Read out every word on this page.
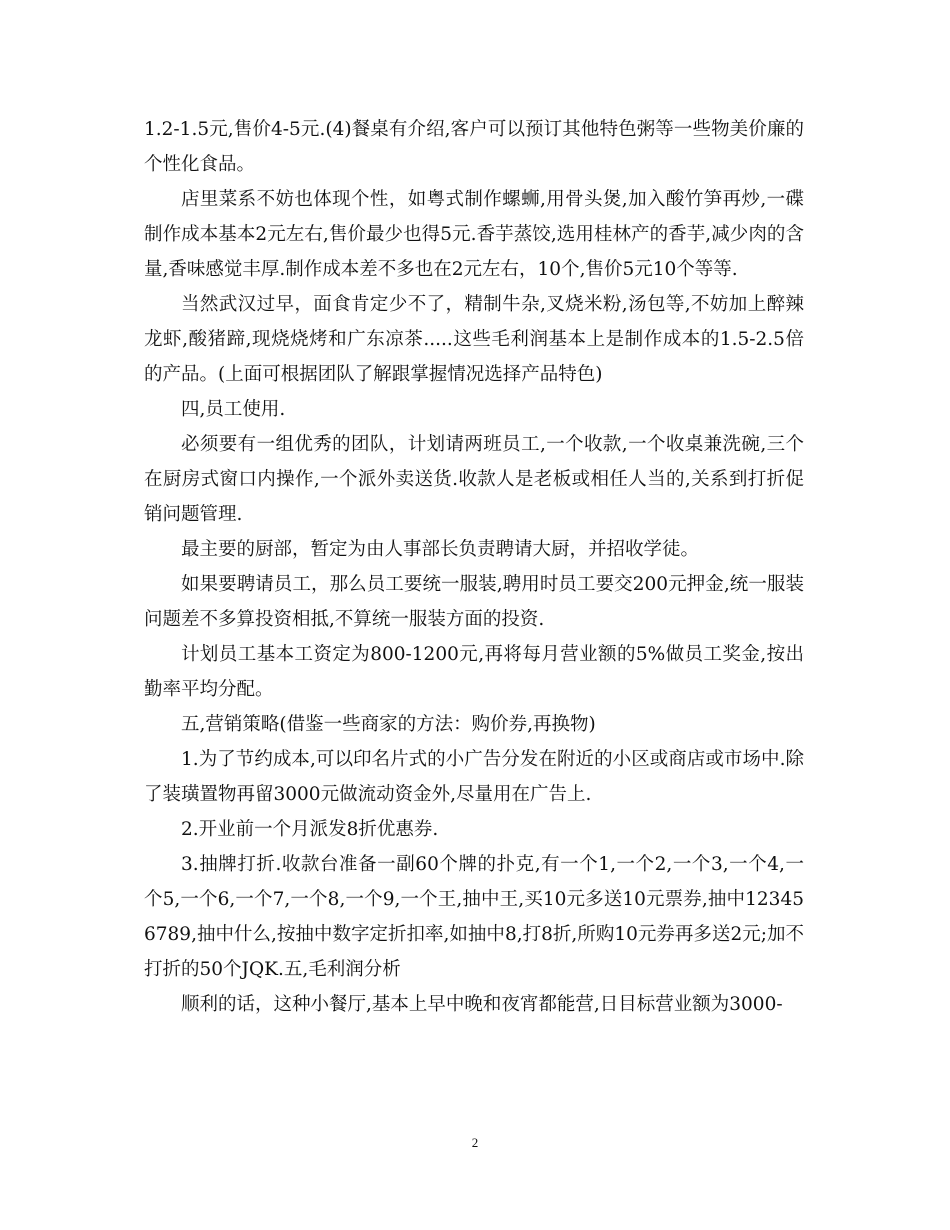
1.2-1.5元,售价4-5元.(4)餐桌有介绍,客户可以预订其他特色粥等一些物美价廉的个性化食品。

店里菜系不妨也体现个性，如粤式制作螺蛳,用骨头煲,加入酸竹笋再炒,一碟制作成本基本2元左右,售价最少也得5元.香芋蒸饺,选用桂林产的香芋,减少肉的含量,香味感觉丰厚.制作成本差不多也在2元左右，10个,售价5元10个等等.

当然武汉过早，面食肯定少不了，精制牛杂,叉烧米粉,汤包等,不妨加上醉辣龙虾,酸猪蹄,现烧烧烤和广东凉茶.....这些毛利润基本上是制作成本的1.5-2.5倍的产品。(上面可根据团队了解跟掌握情况选择产品特色)

四,员工使用.

必须要有一组优秀的团队，计划请两班员工,一个收款,一个收桌兼洗碗,三个在厨房式窗口内操作,一个派外卖送货.收款人是老板或相任人当的,关系到打折促销问题管理.

最主要的厨部，暂定为由人事部长负责聘请大厨，并招收学徒。

如果要聘请员工，那么员工要统一服装,聘用时员工要交200元押金,统一服装问题差不多算投资相抵,不算统一服装方面的投资.

计划员工基本工资定为800-1200元,再将每月营业额的5%做员工奖金,按出勤率平均分配。

五,营销策略(借鉴一些商家的方法：购价券,再换物)

1.为了节约成本,可以印名片式的小广告分发在附近的小区或商店或市场中.除了装璜置物再留3000元做流动资金外,尽量用在广告上.

2.开业前一个月派发8折优惠券.

3.抽牌打折.收款台准备一副60个牌的扑克,有一个1,一个2,一个3,一个4,一个5,一个6,一个7,一个8,一个9,一个王,抽中王,买10元多送10元票券,抽中123456789,抽中什么,按抽中数字定折扣率,如抽中8,打8折,所购10元券再多送2元;加不打折的50个JQK.五,毛利润分析

顺利的话，这种小餐厅,基本上早中晚和夜宵都能营,日目标营业额为3000-

2
